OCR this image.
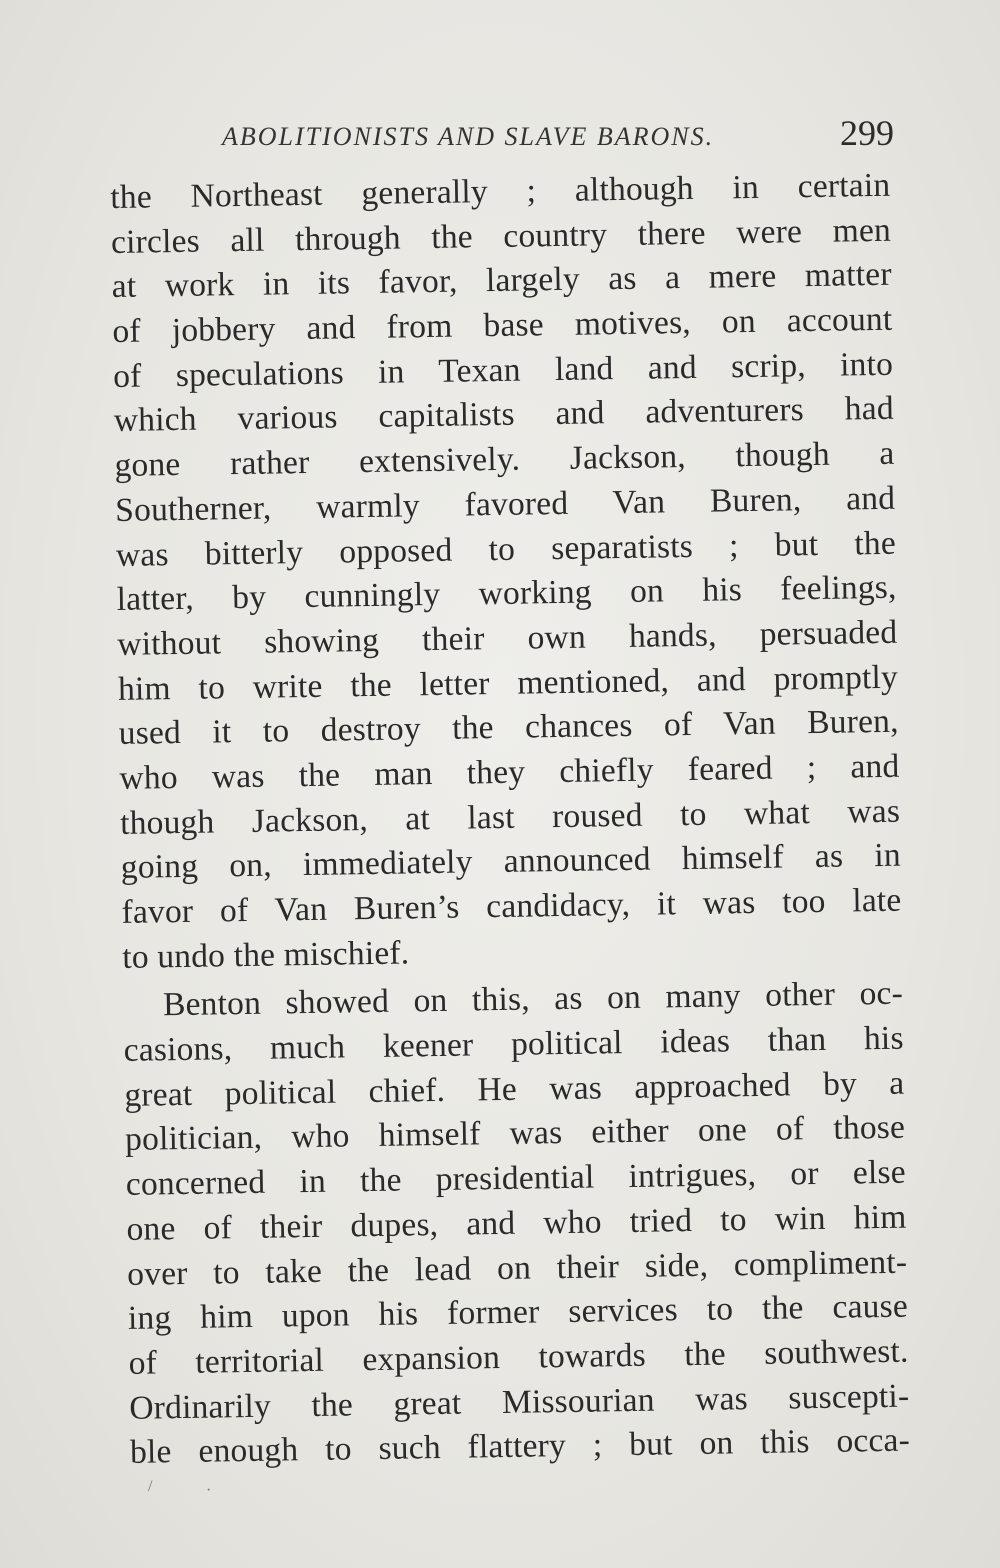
ABOLITIONISTS AND SLAVE BARONS.	299
the Northeast generally ; although in certain
circles all through the country there were men
at work in its favor, largely as a mere matter
of jobbery and from base motives, on account
of speculations in Texan land and scrip, into
which various capitalists and adventurers had
gone rather extensively. Jackson, though a
Southerner, warmly favored Van Buren, and
was bitterly opposed to separatists ; but the
latter, by cunningly working on his feelings,
without showing their own hands, persuaded
him to write the letter mentioned, and promptly
used it to destroy the chances of Van Buren,
who was the man they chiefly feared ; and
though Jackson, at last roused to what was
going on, immediately announced himself as in
favor of Van Buren’s candidacy, it was too late
to undo the mischief.
Benton showed on this, as on many other oc-
casions, much keener political ideas than his
great political chief. He was approached by a
politician, who himself was either one of those
concerned in the presidential intrigues, or else
one of their dupes, and who tried to win him
over to take the lead on their side, compliment-
ing him upon his former services to the cause
of territorial expansion towards the southwest.
Ordinarily the great Missourian was suscepti-
ble enough to such flattery ; but on this occa-
/	·
